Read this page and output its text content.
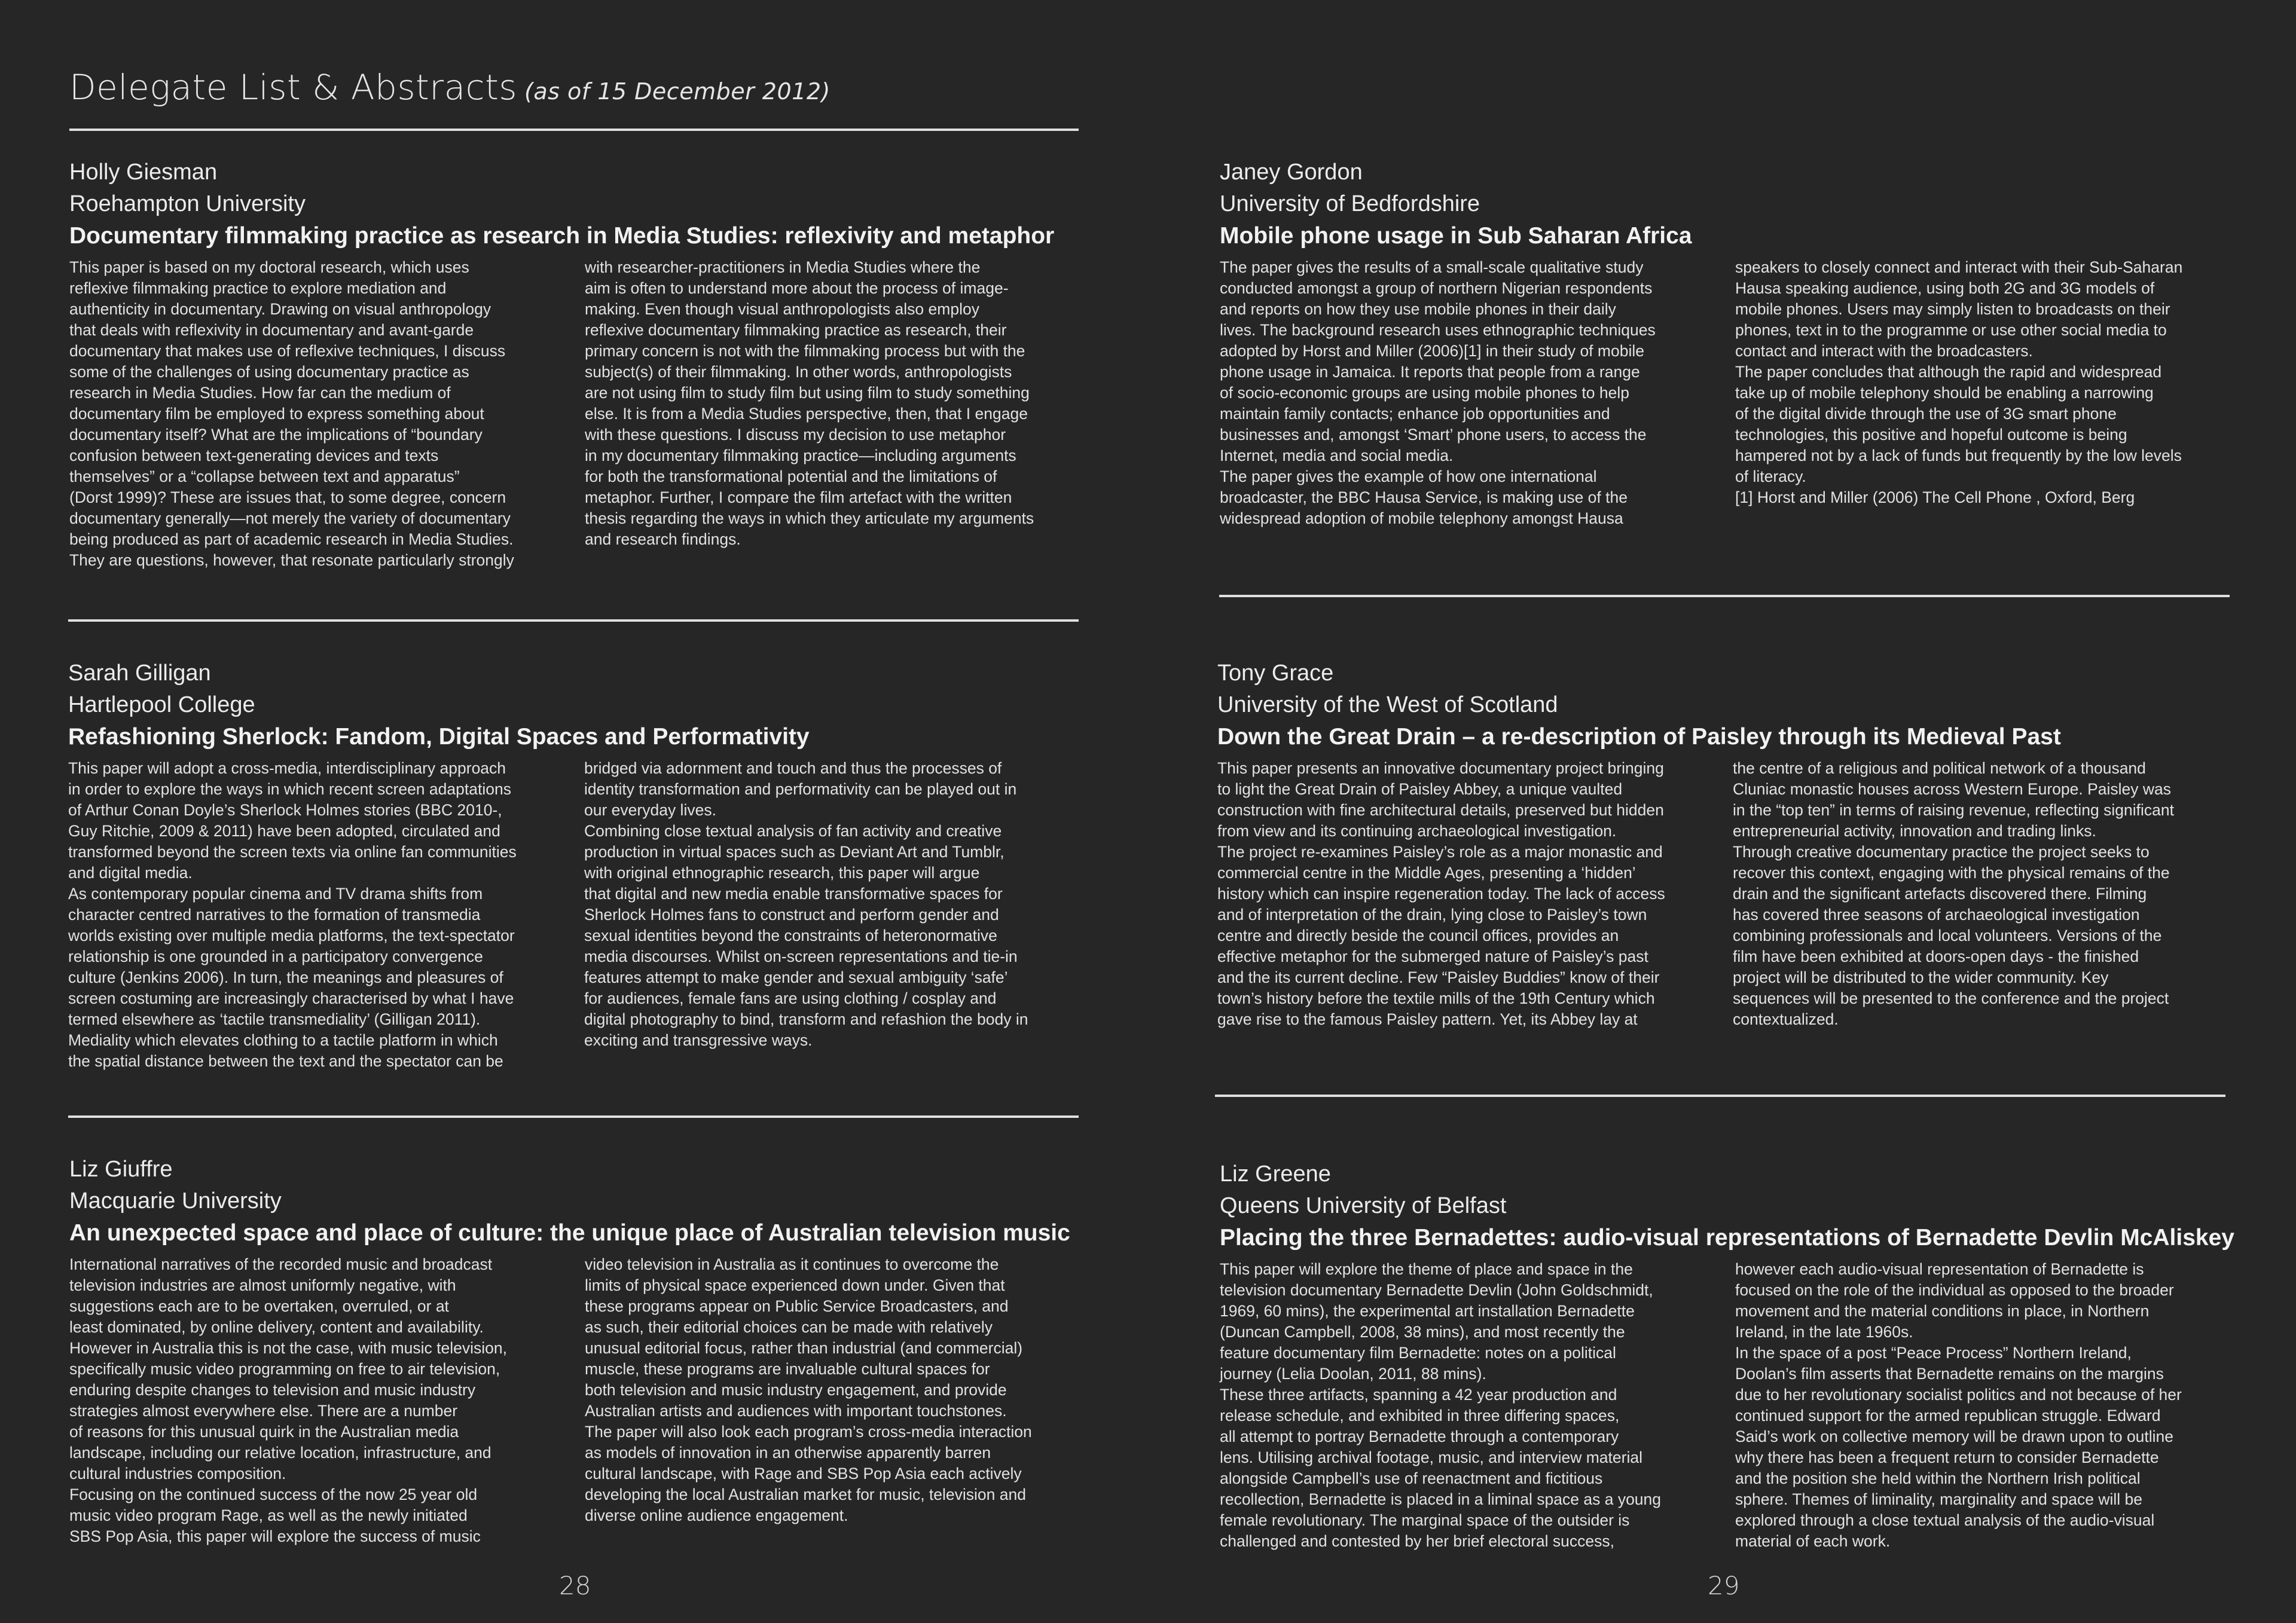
Delegate List & Abstracts (as of 15 December 2012)
Holly Giesman
Roehampton University
Documentary filmmaking practice as research in Media Studies: reflexivity and metaphor
This paper is based on my doctoral research, which uses
reflexive filmmaking practice to explore mediation and
authenticity in documentary. Drawing on visual anthropology
that deals with reflexivity in documentary and avant-garde
documentary that makes use of reflexive techniques, I discuss
some of the challenges of using documentary practice as
research in Media Studies. How far can the medium of
documentary film be employed to express something about
documentary itself? What are the implications of “boundary
confusion between text-generating devices and texts
themselves” or a “collapse between text and apparatus”
(Dorst 1999)? These are issues that, to some degree, concern
documentary generally—not merely the variety of documentary
being produced as part of academic research in Media Studies.
They are questions, however, that resonate particularly strongly
with researcher-practitioners in Media Studies where the
aim is often to understand more about the process of image-
making. Even though visual anthropologists also employ
reflexive documentary filmmaking practice as research, their
primary concern is not with the filmmaking process but with the
subject(s) of their filmmaking. In other words, anthropologists
are not using film to study film but using film to study something
else. It is from a Media Studies perspective, then, that I engage
with these questions. I discuss my decision to use metaphor
in my documentary filmmaking practice—including arguments
for both the transformational potential and the limitations of
metaphor. Further, I compare the film artefact with the written
thesis regarding the ways in which they articulate my arguments
and research findings.
Sarah Gilligan
Hartlepool College
Refashioning Sherlock: Fandom, Digital Spaces and Performativity
This paper will adopt a cross-media, interdisciplinary approach
in order to explore the ways in which recent screen adaptations
of Arthur Conan Doyle’s Sherlock Holmes stories (BBC 2010-,
Guy Ritchie, 2009 & 2011) have been adopted, circulated and
transformed beyond the screen texts via online fan communities
and digital media.
As contemporary popular cinema and TV drama shifts from
character centred narratives to the formation of transmedia
worlds existing over multiple media platforms, the text-spectator
relationship is one grounded in a participatory convergence
culture (Jenkins 2006). In turn, the meanings and pleasures of
screen costuming are increasingly characterised by what I have
termed elsewhere as ‘tactile transmediality’ (Gilligan 2011).
Mediality which elevates clothing to a tactile platform in which
the spatial distance between the text and the spectator can be
bridged via adornment and touch and thus the processes of
identity transformation and performativity can be played out in
our everyday lives.
Combining close textual analysis of fan activity and creative
production in virtual spaces such as Deviant Art and Tumblr,
with original ethnographic research, this paper will argue
that digital and new media enable transformative spaces for
Sherlock Holmes fans to construct and perform gender and
sexual identities beyond the constraints of heteronormative
media discourses. Whilst on-screen representations and tie-in
features attempt to make gender and sexual ambiguity ‘safe’
for audiences, female fans are using clothing / cosplay and
digital photography to bind, transform and refashion the body in
exciting and transgressive ways.
Liz Giuffre
Macquarie University
An unexpected space and place of culture: the unique place of Australian television music
International narratives of the recorded music and broadcast
television industries are almost uniformly negative, with
suggestions each are to be overtaken, overruled, or at
least dominated, by online delivery, content and availability.
However in Australia this is not the case, with music television,
specifically music video programming on free to air television,
enduring despite changes to television and music industry
strategies almost everywhere else. There are a number
of reasons for this unusual quirk in the Australian media
landscape, including our relative location, infrastructure, and
cultural industries composition.
Focusing on the continued success of the now 25 year old
music video program Rage, as well as the newly initiated
SBS Pop Asia, this paper will explore the success of music
video television in Australia as it continues to overcome the
limits of physical space experienced down under. Given that
these programs appear on Public Service Broadcasters, and
as such, their editorial choices can be made with relatively
unusual editorial focus, rather than industrial (and commercial)
muscle, these programs are invaluable cultural spaces for
both television and music industry engagement, and provide
Australian artists and audiences with important touchstones.
The paper will also look each program’s cross-media interaction
as models of innovation in an otherwise apparently barren
cultural landscape, with Rage and SBS Pop Asia each actively
developing the local Australian market for music, television and
diverse online audience engagement.
28
Janey Gordon
University of Bedfordshire
Mobile phone usage in Sub Saharan Africa
The paper gives the results of a small-scale qualitative study
conducted amongst a group of northern Nigerian respondents
and reports on how they use mobile phones in their daily
lives. The background research uses ethnographic techniques
adopted by Horst and Miller (2006)[1] in their study of mobile
phone usage in Jamaica. It reports that people from a range
of socio-economic groups are using mobile phones to help
maintain family contacts; enhance job opportunities and
businesses and, amongst ‘Smart’ phone users, to access the
Internet, media and social media.
The paper gives the example of how one international
broadcaster, the BBC Hausa Service, is making use of the
widespread adoption of mobile telephony amongst Hausa
speakers to closely connect and interact with their Sub-Saharan
Hausa speaking audience, using both 2G and 3G models of
mobile phones. Users may simply listen to broadcasts on their
phones, text in to the programme or use other social media to
contact and interact with the broadcasters.
The paper concludes that although the rapid and widespread
take up of mobile telephony should be enabling a narrowing
of the digital divide through the use of 3G smart phone
technologies, this positive and hopeful outcome is being
hampered not by a lack of funds but frequently by the low levels
of literacy.
[1] Horst and Miller (2006) The Cell Phone , Oxford, Berg
Tony Grace
University of the West of Scotland
Down the Great Drain – a re-description of Paisley through its Medieval Past
This paper presents an innovative documentary project bringing
to light the Great Drain of Paisley Abbey, a unique vaulted
construction with fine architectural details, preserved but hidden
from view and its continuing archaeological investigation.
The project re-examines Paisley’s role as a major monastic and
commercial centre in the Middle Ages, presenting a ‘hidden’
history which can inspire regeneration today. The lack of access
and of interpretation of the drain, lying close to Paisley’s town
centre and directly beside the council offices, provides an
effective metaphor for the submerged nature of Paisley’s past
and the its current decline. Few “Paisley Buddies” know of their
town’s history before the textile mills of the 19th Century which
gave rise to the famous Paisley pattern. Yet, its Abbey lay at
the centre of a religious and political network of a thousand
Cluniac monastic houses across Western Europe. Paisley was
in the “top ten” in terms of raising revenue, reflecting significant
entrepreneurial activity, innovation and trading links.
Through creative documentary practice the project seeks to
recover this context, engaging with the physical remains of the
drain and the significant artefacts discovered there. Filming
has covered three seasons of archaeological investigation
combining professionals and local volunteers. Versions of the
film have been exhibited at doors-open days - the finished
project will be distributed to the wider community. Key
sequences will be presented to the conference and the project
contextualized.
Liz Greene
Queens University of Belfast
Placing the three Bernadettes: audio-visual representations of Bernadette Devlin McAliskey
This paper will explore the theme of place and space in the
television documentary Bernadette Devlin (John Goldschmidt,
1969, 60 mins), the experimental art installation Bernadette
(Duncan Campbell, 2008, 38 mins), and most recently the
feature documentary film Bernadette: notes on a political
journey (Lelia Doolan, 2011, 88 mins).
These three artifacts, spanning a 42 year production and
release schedule, and exhibited in three differing spaces,
all attempt to portray Bernadette through a contemporary
lens. Utilising archival footage, music, and interview material
alongside Campbell’s use of reenactment and fictitious
recollection, Bernadette is placed in a liminal space as a young
female revolutionary. The marginal space of the outsider is
challenged and contested by her brief electoral success,
however each audio-visual representation of Bernadette is
focused on the role of the individual as opposed to the broader
movement and the material conditions in place, in Northern
Ireland, in the late 1960s.
In the space of a post “Peace Process” Northern Ireland,
Doolan’s film asserts that Bernadette remains on the margins
due to her revolutionary socialist politics and not because of her
continued support for the armed republican struggle. Edward
Said’s work on collective memory will be drawn upon to outline
why there has been a frequent return to consider Bernadette
and the position she held within the Northern Irish political
sphere. Themes of liminality, marginality and space will be
explored through a close textual analysis of the audio-visual
material of each work.
29
